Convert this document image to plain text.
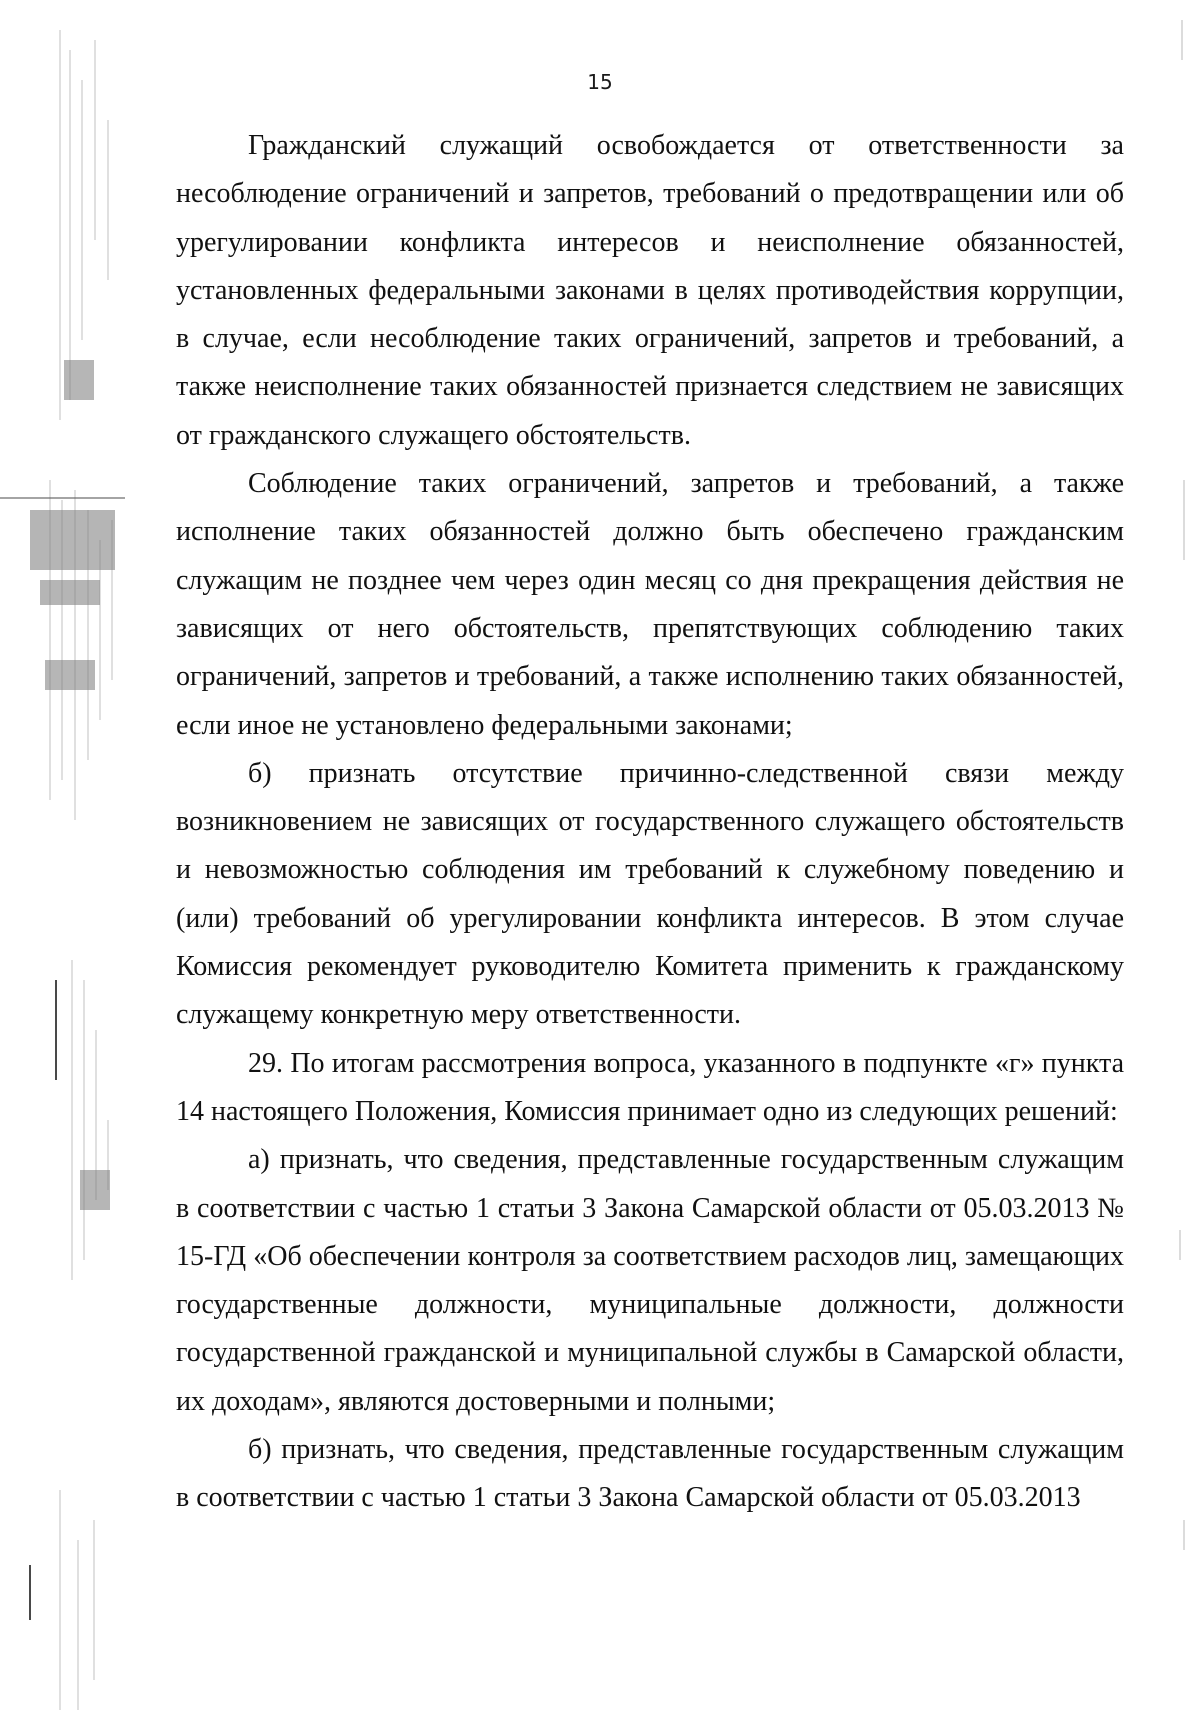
15

Гражданский служащий освобождается от ответственности за несоблюдение ограничений и запретов, требований о предотвращении или об урегулировании конфликта интересов и неисполнение обязанностей, установленных федеральными законами в целях противодействия коррупции, в случае, если несоблюдение таких ограничений, запретов и требований, а также неисполнение таких обязанностей признается следствием не зависящих от гражданского служащего обстоятельств.

Соблюдение таких ограничений, запретов и требований, а также исполнение таких обязанностей должно быть обеспечено гражданским служащим не позднее чем через один месяц со дня прекращения действия не зависящих от него обстоятельств, препятствующих соблюдению таких ограничений, запретов и требований, а также исполнению таких обязанностей, если иное не установлено федеральными законами;

б) признать отсутствие причинно-следственной связи между возникновением не зависящих от государственного служащего обстоятельств и невозможностью соблюдения им требований к служебному поведению и (или) требований об урегулировании конфликта интересов. В этом случае Комиссия рекомендует руководителю Комитета применить к гражданскому служащему конкретную меру ответственности.

29. По итогам рассмотрения вопроса, указанного в подпункте «г» пункта 14 настоящего Положения, Комиссия принимает одно из следующих решений:

а) признать, что сведения, представленные государственным служащим в соответствии с частью 1 статьи 3 Закона Самарской области от 05.03.2013 № 15-ГД «Об обеспечении контроля за соответствием расходов лиц, замещающих государственные должности, муниципальные должности, должности государственной гражданской и муниципальной службы в Самарской области, их доходам», являются достоверными и полными;

б) признать, что сведения, представленные государственным служащим в соответствии с частью 1 статьи 3 Закона Самарской области от 05.03.2013
